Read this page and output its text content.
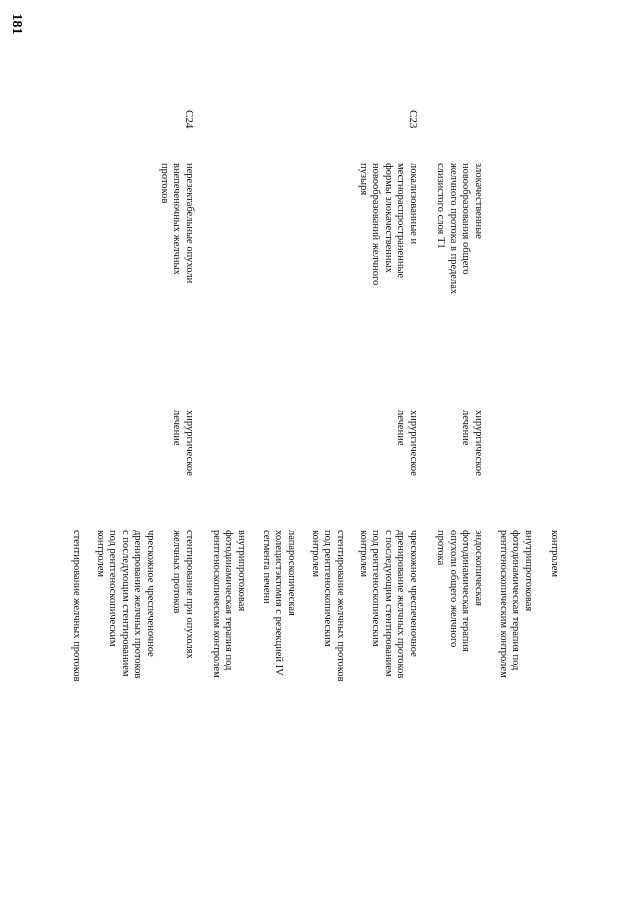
181

контролем

внутрипротоковая

фотодинамическая терапия под

рентгеноскопическим контролем

злокачественные

новообразования общего

желчного протока в пределах

слизистого слоя T1

хирургическое

лечение

эндоскопическая

фотодинамическая терапия

опухоли общего желчного

протока

C23

локализованные и

местнораспространенные

формы злокачественных

новообразований желчного

пузыря

хирургическое

лечение

чрескожное чреспеченочное

дренирование желчных протоков

с последующим стентированием

под рентгеноскопическим

контролем

стентирование желчных протоков

под рентгеноскопическим

контролем

лапароскопическая

холецистэктомия с резекцией IV

сегмента печени

внутрипротоковая

фотодинамическая терапия под

рентгеноскопическим контролем

C24

нерезектабельные опухоли

внепеченочных желчных

протоков

хирургическое

лечение

стентирование при опухолях

желчных протоков

чрескожное чреспеченочное

дренирование желчных протоков

с последующим стентированием

под рентгеноскопическим

контролем

стентирование желчных протоков
